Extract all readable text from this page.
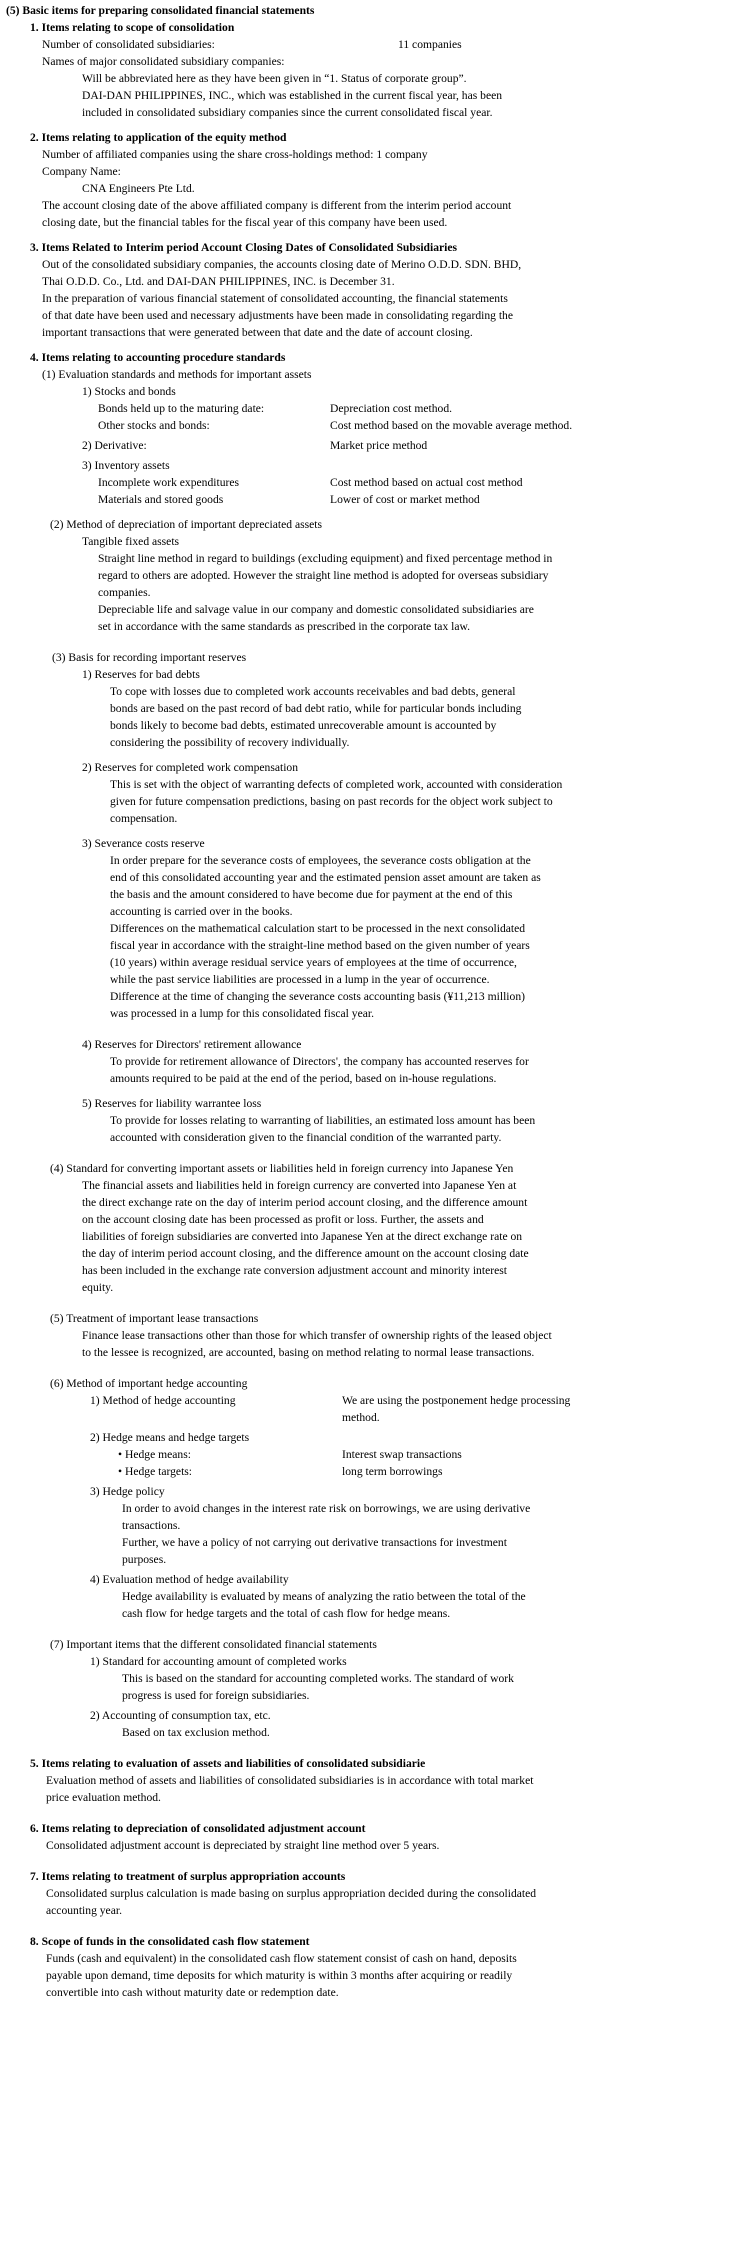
(5) Basic items for preparing consolidated financial statements
1. Items relating to scope of consolidation
Number of consolidated subsidiaries:	11 companies
Names of major consolidated subsidiary companies:
Will be abbreviated here as they have been given in “1. Status of corporate group”.
DAI-DAN PHILIPPINES, INC., which was established in the current fiscal year, has been
included in consolidated subsidiary companies since the current consolidated fiscal year.
2. Items relating to application of the equity method
Number of affiliated companies using the share cross-holdings method: 1 company
Company Name:
CNA Engineers Pte Ltd.
The account closing date of the above affiliated company is different from the interim period account
closing date, but the financial tables for the fiscal year of this company have been used.
3. Items Related to Interim period Account Closing Dates of Consolidated Subsidiaries
Out of the consolidated subsidiary companies, the accounts closing date of Merino O.D.D. SDN. BHD,
Thai O.D.D. Co., Ltd. and DAI-DAN PHILIPPINES, INC. is December 31.
In the preparation of various financial statement of consolidated accounting, the financial statements
of that date have been used and necessary adjustments have been made in consolidating regarding the
important transactions that were generated between that date and the date of account closing.
4. Items relating to accounting procedure standards
(1) Evaluation standards and methods for important assets
1) Stocks and bonds
Bonds held up to the maturing date:	Depreciation cost method.
Other stocks and bonds:	Cost method based on the movable average method.
2) Derivative:	Market price method
3) Inventory assets
Incomplete work expenditures	Cost method based on actual cost method
Materials and stored goods	Lower of cost or market method
(2) Method of depreciation of important depreciated assets
Tangible fixed assets
Straight line method in regard to buildings (excluding equipment) and fixed percentage method in
regard to others are adopted. However the straight line method is adopted for overseas subsidiary
companies.
Depreciable life and salvage value in our company and domestic consolidated subsidiaries are
set in accordance with the same standards as prescribed in the corporate tax law.
(3) Basis for recording important reserves
1) Reserves for bad debts
To cope with losses due to completed work accounts receivables and bad debts, general
bonds are based on the past record of bad debt ratio, while for particular bonds including
bonds likely to become bad debts, estimated unrecoverable amount is accounted by
considering the possibility of recovery individually.
2) Reserves for completed work compensation
This is set with the object of warranting defects of completed work, accounted with consideration
given for future compensation predictions, basing on past records for the object work subject to
compensation.
3) Severance costs reserve
In order prepare for the severance costs of employees, the severance costs obligation at the
end of this consolidated accounting year and the estimated pension asset amount are taken as
the basis and the amount considered to have become due for payment at the end of this
accounting is carried over in the books.
Differences on the mathematical calculation start to be processed in the next consolidated
fiscal year in accordance with the straight-line method based on the given number of years
(10 years) within average residual service years of employees at the time of occurrence,
while the past service liabilities are processed in a lump in the year of occurrence.
Difference at the time of changing the severance costs accounting basis (¥11,213 million)
was processed in a lump for this consolidated fiscal year.
4) Reserves for Directors' retirement allowance
To provide for retirement allowance of Directors', the company has accounted reserves for
amounts required to be paid at the end of the period, based on in-house regulations.
5) Reserves for liability warrantee loss
To provide for losses relating to warranting of liabilities, an estimated loss amount has been
accounted with consideration given to the financial condition of the warranted party.
(4) Standard for converting important assets or liabilities held in foreign currency into Japanese Yen
The financial assets and liabilities held in foreign currency are converted into Japanese Yen at
the direct exchange rate on the day of interim period account closing, and the difference amount
on the account closing date has been processed as profit or loss. Further, the assets and
liabilities of foreign subsidiaries are converted into Japanese Yen at the direct exchange rate on
the day of interim period account closing, and the difference amount on the account closing date
has been included in the exchange rate conversion adjustment account and minority interest
equity.
(5) Treatment of important lease transactions
Finance lease transactions other than those for which transfer of ownership rights of the leased object
to the lessee is recognized, are accounted, basing on method relating to normal lease transactions.
(6) Method of important hedge accounting
1) Method of hedge accounting	We are using the postponement hedge processing
method.
2) Hedge means and hedge targets
• Hedge means:	Interest swap transactions
• Hedge targets:	long term borrowings
3) Hedge policy
In order to avoid changes in the interest rate risk on borrowings, we are using derivative
transactions.
Further, we have a policy of not carrying out derivative transactions for investment
purposes.
4) Evaluation method of hedge availability
Hedge availability is evaluated by means of analyzing the ratio between the total of the
cash flow for hedge targets and the total of cash flow for hedge means.
(7) Important items that the different consolidated financial statements
1) Standard for accounting amount of completed works
This is based on the standard for accounting completed works. The standard of work
progress is used for foreign subsidiaries.
2) Accounting of consumption tax, etc.
Based on tax exclusion method.
5. Items relating to evaluation of assets and liabilities of consolidated subsidiarie
Evaluation method of assets and liabilities of consolidated subsidiaries is in accordance with total market
price evaluation method.
6. Items relating to depreciation of consolidated adjustment account
Consolidated adjustment account is depreciated by straight line method over 5 years.
7. Items relating to treatment of surplus appropriation accounts
Consolidated surplus calculation is made basing on surplus appropriation decided during the consolidated
accounting year.
8. Scope of funds in the consolidated cash flow statement
Funds (cash and equivalent) in the consolidated cash flow statement consist of cash on hand, deposits
payable upon demand, time deposits for which maturity is within 3 months after acquiring or readily
convertible into cash without maturity date or redemption date.
